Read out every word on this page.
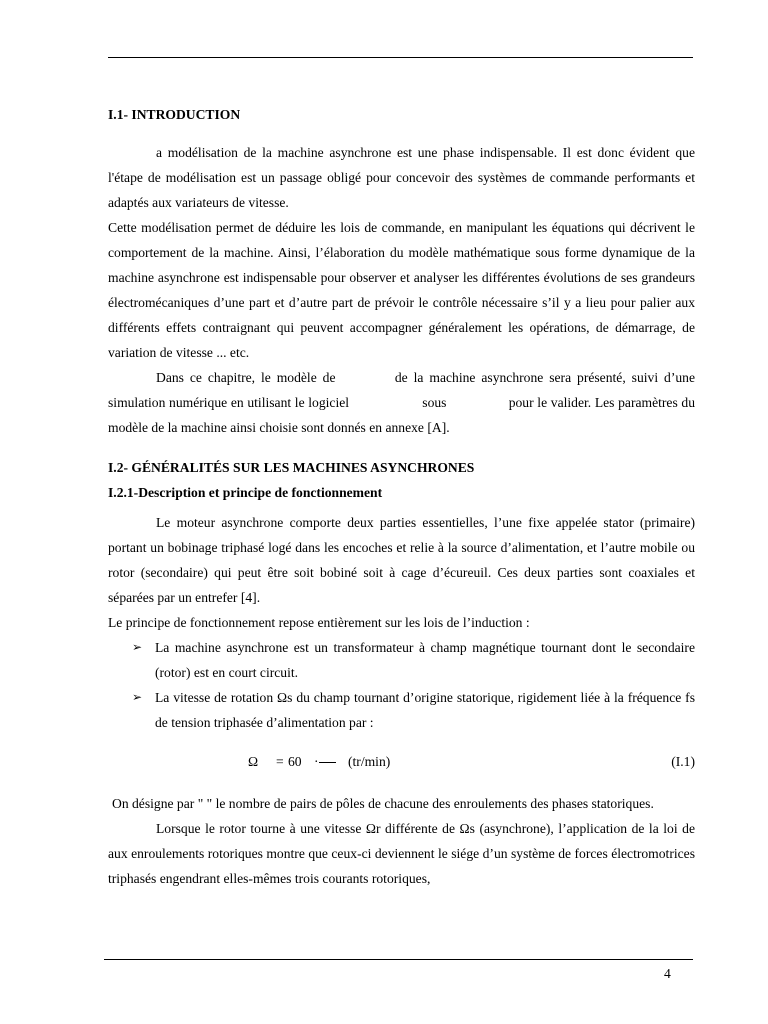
I.1- INTRODUCTION

a modélisation de la machine asynchrone est une phase indispensable. Il est donc évident que l'étape de modélisation est un passage obligé pour concevoir des systèmes de commande performants et adaptés aux variateurs de vitesse.

Cette modélisation permet de déduire les lois de commande, en manipulant les équations qui décrivent le comportement de la machine. Ainsi, l’élaboration du modèle mathématique sous forme dynamique de la machine asynchrone est indispensable pour observer et analyser les différentes évolutions de ses grandeurs électromécaniques d’une part et d’autre part de prévoir le contrôle nécessaire s’il y a lieu pour palier aux différents effets contraignant qui peuvent accompagner généralement les opérations, de démarrage, de variation de vitesse ... etc.

Dans ce chapitre, le modèle de          de la machine asynchrone sera présenté, suivi d’une simulation numérique en utilisant le logiciel                    sous                 pour le valider. Les paramètres du modèle de la machine ainsi choisie sont donnés en annexe [A].

I.2- GÉNÉRALITÉS SUR LES MACHINES ASYNCHRONES
I.2.1-Description et principe de fonctionnement

Le moteur asynchrone comporte deux parties essentielles, l’une fixe appelée stator (primaire) portant un bobinage triphasé logé dans les encoches et relie à la source d’alimentation, et l’autre mobile ou rotor (secondaire) qui peut être soit bobiné soit à cage d’écureuil. Ces deux parties sont coaxiales et séparées par un entrefer [4].

Le principe de fonctionnement repose entièrement sur les lois de l’induction :

➢ La machine asynchrone est un transformateur à champ magnétique tournant dont le secondaire (rotor) est en court circuit.
➢ La vitesse de rotation Ωs du champ tournant d’origine statorique, rigidement liée à la fréquence fs de tension triphasée d’alimentation par :
Ω = 60 · (tr/min)	(I.1)

On désigne par " " le nombre de pairs de pôles de chacune des enroulements des phases statoriques.

Lorsque le rotor tourne à une vitesse Ωr différente de Ωs (asynchrone), l’application de la loi de             aux enroulements rotoriques montre que ceux-ci deviennent le siége d’un système de forces électromotrices triphasés engendrant elles-mêmes trois courants rotoriques,

4
